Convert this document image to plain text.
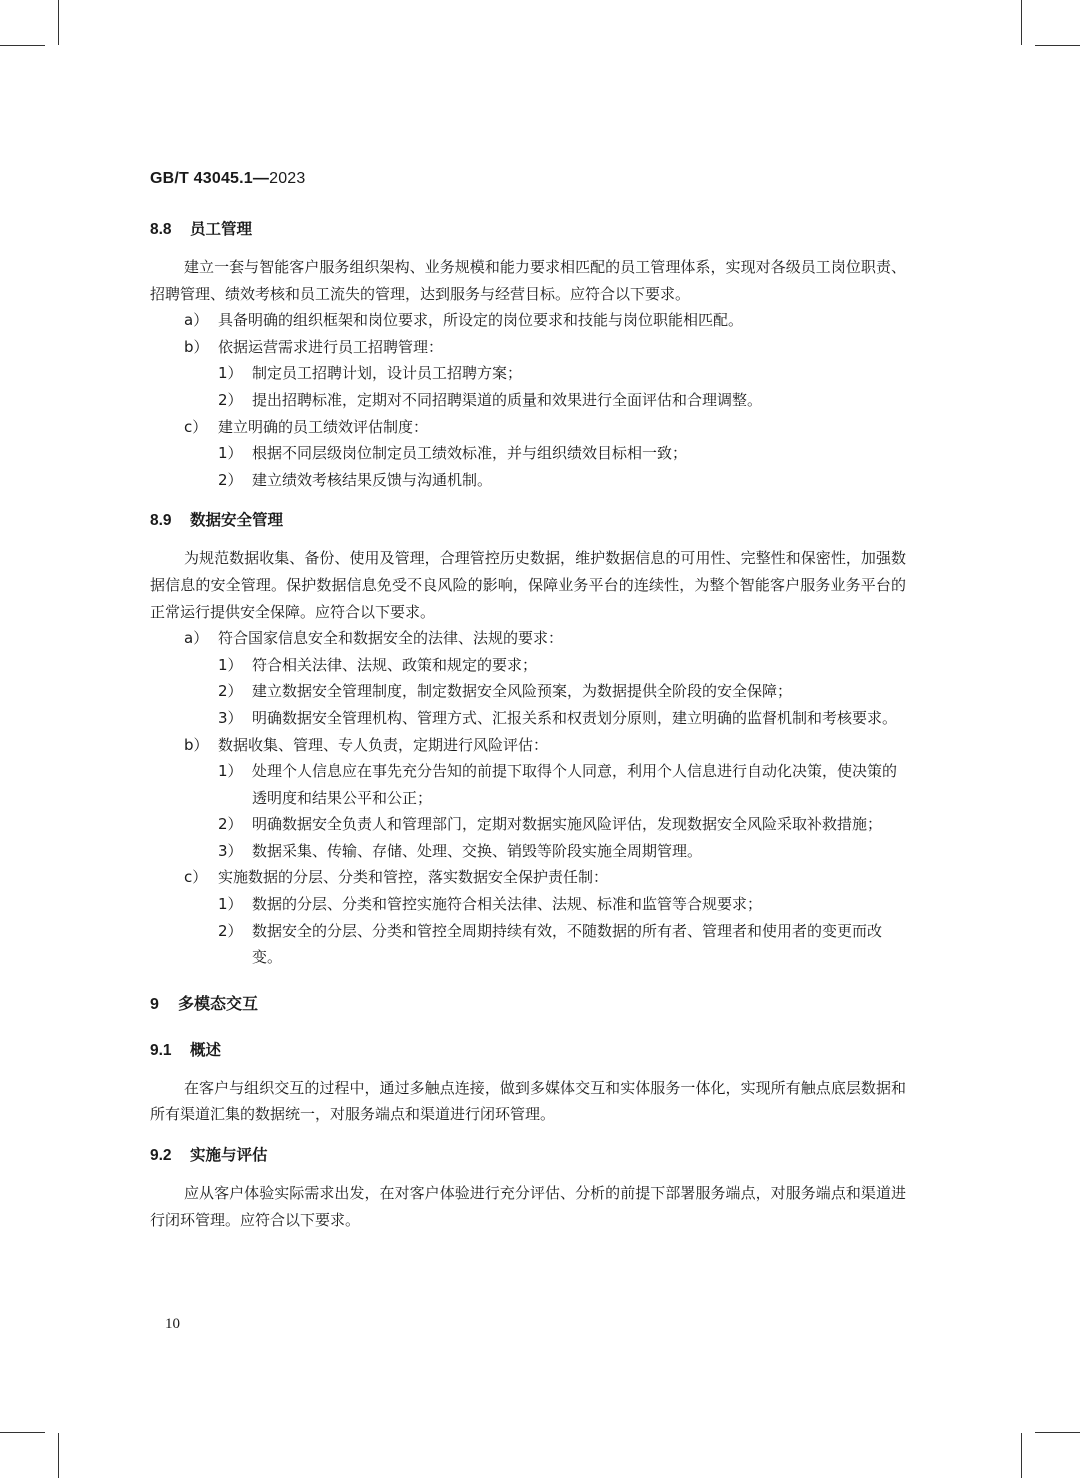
GB/T 43045.1—2023
8.8 员工管理

建立一套与智能客户服务组织架构、业务规模和能力要求相匹配的员工管理体系，实现对各级员工岗位职责、招聘管理、绩效考核和员工流失的管理，达到服务与经营目标。应符合以下要求。

a） 具备明确的组织框架和岗位要求，所设定的岗位要求和技能与岗位职能相匹配。
b） 依据运营需求进行员工招聘管理：
1） 制定员工招聘计划，设计员工招聘方案；
2） 提出招聘标准，定期对不同招聘渠道的质量和效果进行全面评估和合理调整。
c） 建立明确的员工绩效评估制度：
1） 根据不同层级岗位制定员工绩效标准，并与组织绩效目标相一致；
2） 建立绩效考核结果反馈与沟通机制。
8.9 数据安全管理

为规范数据收集、备份、使用及管理，合理管控历史数据，维护数据信息的可用性、完整性和保密性，加强数据信息的安全管理。保护数据信息免受不良风险的影响，保障业务平台的连续性，为整个智能客户服务业务平台的正常运行提供安全保障。应符合以下要求。

a） 符合国家信息安全和数据安全的法律、法规的要求：
1） 符合相关法律、法规、政策和规定的要求；
2） 建立数据安全管理制度，制定数据安全风险预案，为数据提供全阶段的安全保障；
3） 明确数据安全管理机构、管理方式、汇报关系和权责划分原则，建立明确的监督机制和考核要求。
b） 数据收集、管理、专人负责，定期进行风险评估：
1） 处理个人信息应在事先充分告知的前提下取得个人同意，利用个人信息进行自动化决策，使决策的透明度和结果公平和公正；
2） 明确数据安全负责人和管理部门，定期对数据实施风险评估，发现数据安全风险采取补救措施；
3） 数据采集、传输、存储、处理、交换、销毁等阶段实施全周期管理。
c） 实施数据的分层、分类和管控，落实数据安全保护责任制：
1） 数据的分层、分类和管控实施符合相关法律、法规、标准和监管等合规要求；
2） 数据安全的分层、分类和管控全周期持续有效，不随数据的所有者、管理者和使用者的变更而改变。
9 多模态交互
9.1 概述

在客户与组织交互的过程中，通过多触点连接，做到多媒体交互和实体服务一体化，实现所有触点底层数据和所有渠道汇集的数据统一，对服务端点和渠道进行闭环管理。

9.2 实施与评估

应从客户体验实际需求出发，在对客户体验进行充分评估、分析的前提下部署服务端点，对服务端点和渠道进行闭环管理。应符合以下要求。

10
